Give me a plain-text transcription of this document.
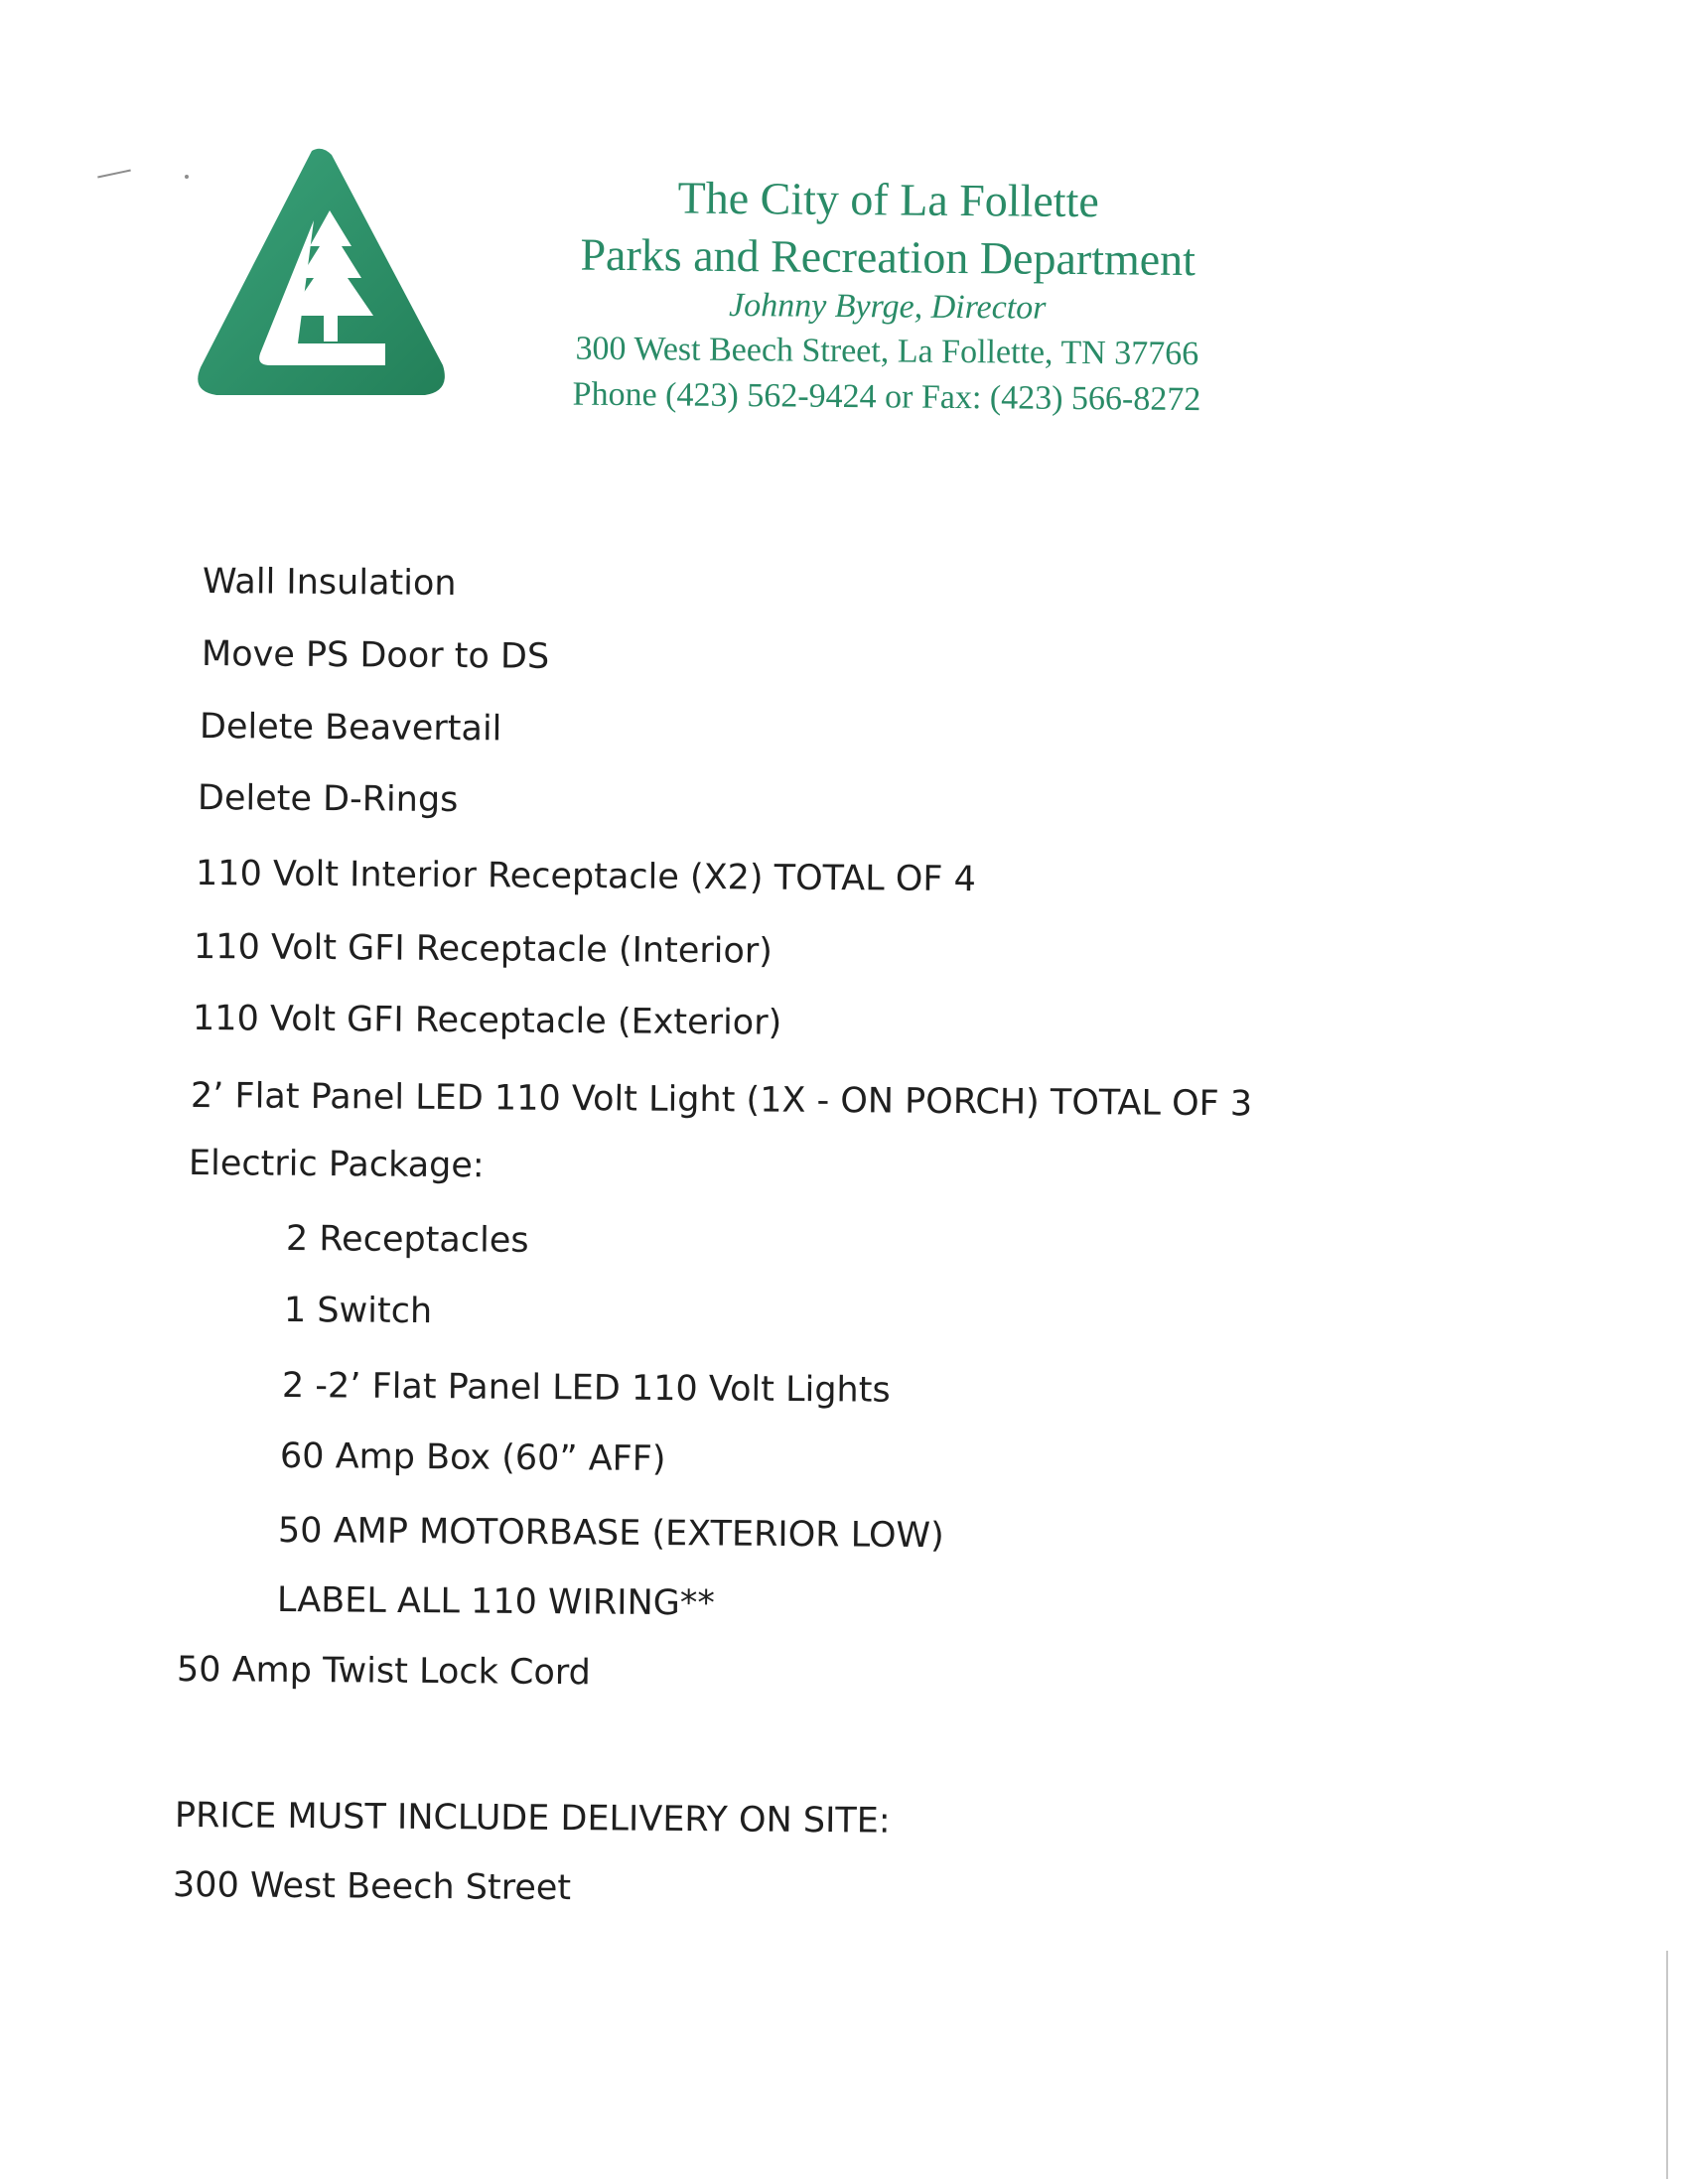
The City of La Follette
Parks and Recreation Department
Johnny Byrge, Director
300 West Beech Street, La Follette, TN 37766
Phone (423) 562-9424 or Fax: (423) 566-8272

Wall Insulation

Move PS Door to DS

Delete Beavertail

Delete D-Rings

110 Volt Interior Receptacle (X2) TOTAL OF 4

110 Volt GFI Receptacle (Interior)

110 Volt GFI Receptacle (Exterior)

2’ Flat Panel LED 110 Volt Light (1X - ON PORCH) TOTAL OF 3

Electric Package:

2 Receptacles

1 Switch

2 -2’ Flat Panel LED 110 Volt Lights

60 Amp Box (60” AFF)

50 AMP MOTORBASE (EXTERIOR LOW)

LABEL ALL 110 WIRING**

50 Amp Twist Lock Cord

PRICE MUST INCLUDE DELIVERY ON SITE:

300 West Beech Street
